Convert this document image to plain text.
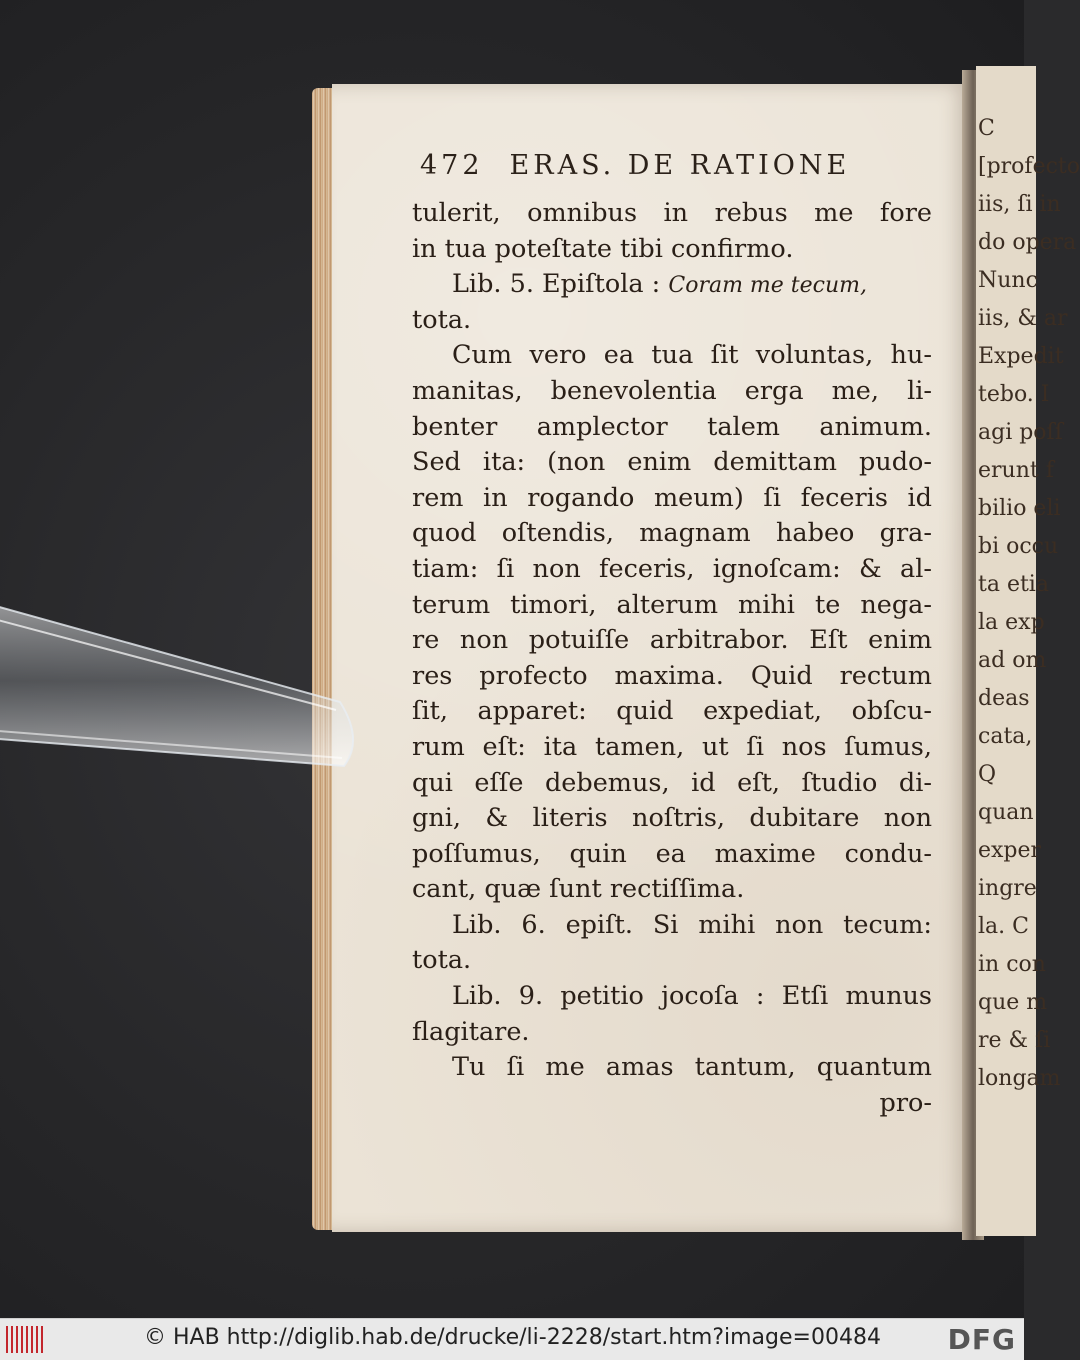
C
[profecto
iis, ſi in
do opera
Nunc
iis, & ar
Expedit
tebo. I
agi poſſ
erunt f
bilio eli
bi occu
ta etia
la exp
ad om
deas
cata,
Q
quan
exper
ingre
la. C
in con
que m
re & ſi
longam
472 ERAS. DE RATIONE
tulerit, omnibus in rebus me fore
in tua poteſtate tibi confirmo.
Lib. 5. Epiſtola : Coram me tecum,
tota.
Cum vero ea tua ſit voluntas, hu-
manitas, benevolentia erga me, li-
benter amplector talem animum.
Sed ita: (non enim demittam pudo-
rem in rogando meum) ſi feceris id
quod oſtendis, magnam habeo gra-
tiam: ſi non feceris, ignoſcam: & al-
terum timori, alterum mihi te nega-
re non potuiſſe arbitrabor. Eſt enim
res profecto maxima. Quid rectum
ſit, apparet: quid expediat, obſcu-
rum eſt: ita tamen, ut ſi nos ſumus,
qui eſſe debemus, id eſt, ſtudio di-
gni, & literis noſtris, dubitare non
poſſumus, quin ea maxime condu-
cant, quæ ſunt rectiſſima.
Lib. 6. epiſt. Si mihi non tecum:
tota.
Lib. 9. petitio jocoſa : Etſi munus
flagitare.
Tu ſi me amas tantum, quantum
pro-
© HAB http://diglib.hab.de/drucke/li-2228/start.htm?image=00484 DFG
